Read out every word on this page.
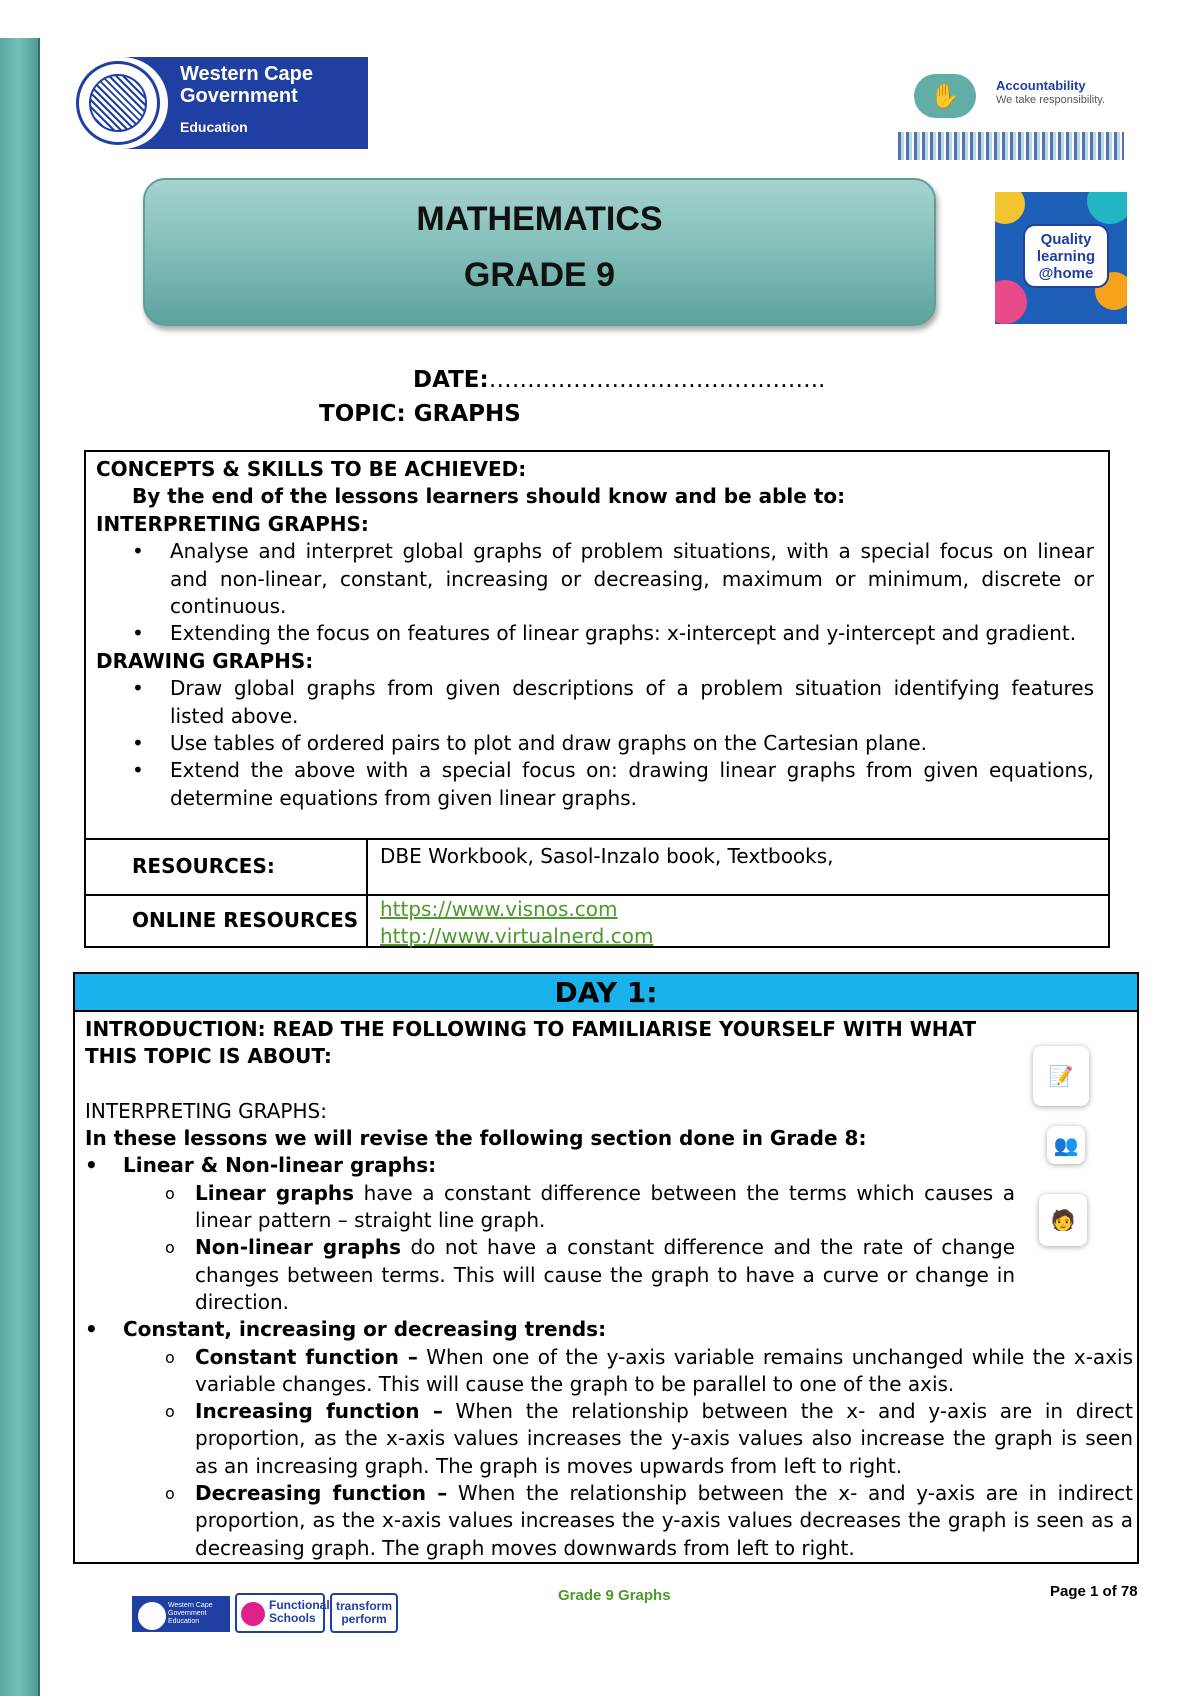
Western Cape
Government
Education
✋	Accountability
We take responsibility.
MATHEMATICS
GRADE 9
Quality learning @home
DATE:……………………………………..
TOPIC: GRAPHS
CONCEPTS & SKILLS TO BE ACHIEVED:
By the end of the lessons learners should know and be able to:
INTERPRETING GRAPHS:
• Analyse and interpret global graphs of problem situations, with a special focus on linear and non-linear, constant, increasing or decreasing, maximum or minimum, discrete or continuous.
• Extending the focus on features of linear graphs: x-intercept and y-intercept and gradient.
DRAWING GRAPHS:
• Draw global graphs from given descriptions of a problem situation identifying features listed above.
• Use tables of ordered pairs to plot and draw graphs on the Cartesian plane.
• Extend the above with a special focus on: drawing linear graphs from given equations, determine equations from given linear graphs.
RESOURCES:	DBE Workbook, Sasol-Inzalo book, Textbooks,
ONLINE RESOURCES	https://www.visnos.com
http://www.virtualnerd.com
DAY 1:
INTRODUCTION: READ THE FOLLOWING TO FAMILIARISE YOURSELF WITH WHAT
THIS TOPIC IS ABOUT:
INTERPRETING GRAPHS:
In these lessons we will revise the following section done in Grade 8:
• Linear & Non-linear graphs:
o Linear graphs have a constant difference between the terms which causes a linear pattern – straight line graph.
o Non-linear graphs do not have a constant difference and the rate of change changes between terms. This will cause the graph to have a curve or change in direction.
• Constant, increasing or decreasing trends:
o Constant function – When one of the y-axis variable remains unchanged while the x-axis variable changes. This will cause the graph to be parallel to one of the axis.
o Increasing function – When the relationship between the x- and y-axis are in direct proportion, as the x-axis values increases the y-axis values also increase the graph is seen as an increasing graph. The graph is moves upwards from left to right.
o Decreasing function – When the relationship between the x- and y-axis are in indirect proportion, as the x-axis values increases the y-axis values decreases the graph is seen as a decreasing graph. The graph moves downwards from left to right.
📝
👥
🧑
Western Cape Government Education
Functional Schools
transform perform
Grade 9 Graphs	Page 1 of 78
